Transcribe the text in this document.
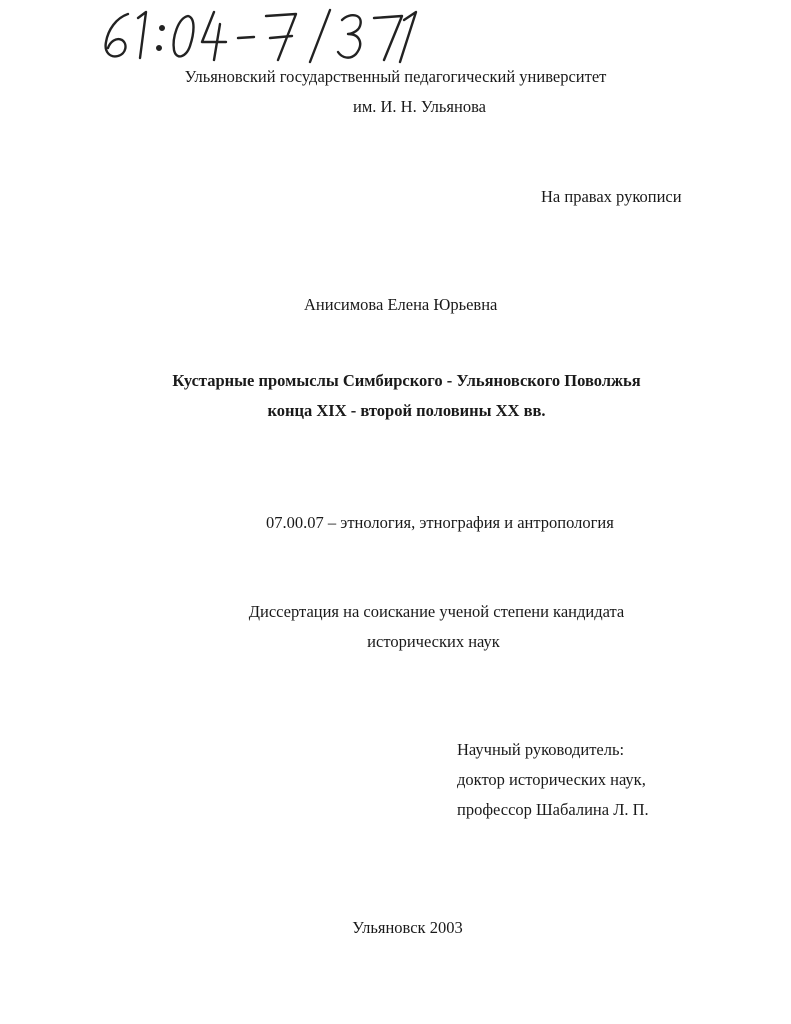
Ульяновский государственный педагогический университет
им. И. Н. Ульянова
На правах рукописи
Анисимова Елена Юрьевна
Кустарные промыслы Симбирского - Ульяновского Поволжья
конца XIX - второй половины XX вв.
07.00.07 – этнология, этнография и антропология
Диссертация на соискание ученой степени кандидата
исторических наук
Научный руководитель:
доктор исторических наук,
профессор Шабалина Л. П.
Ульяновск 2003
